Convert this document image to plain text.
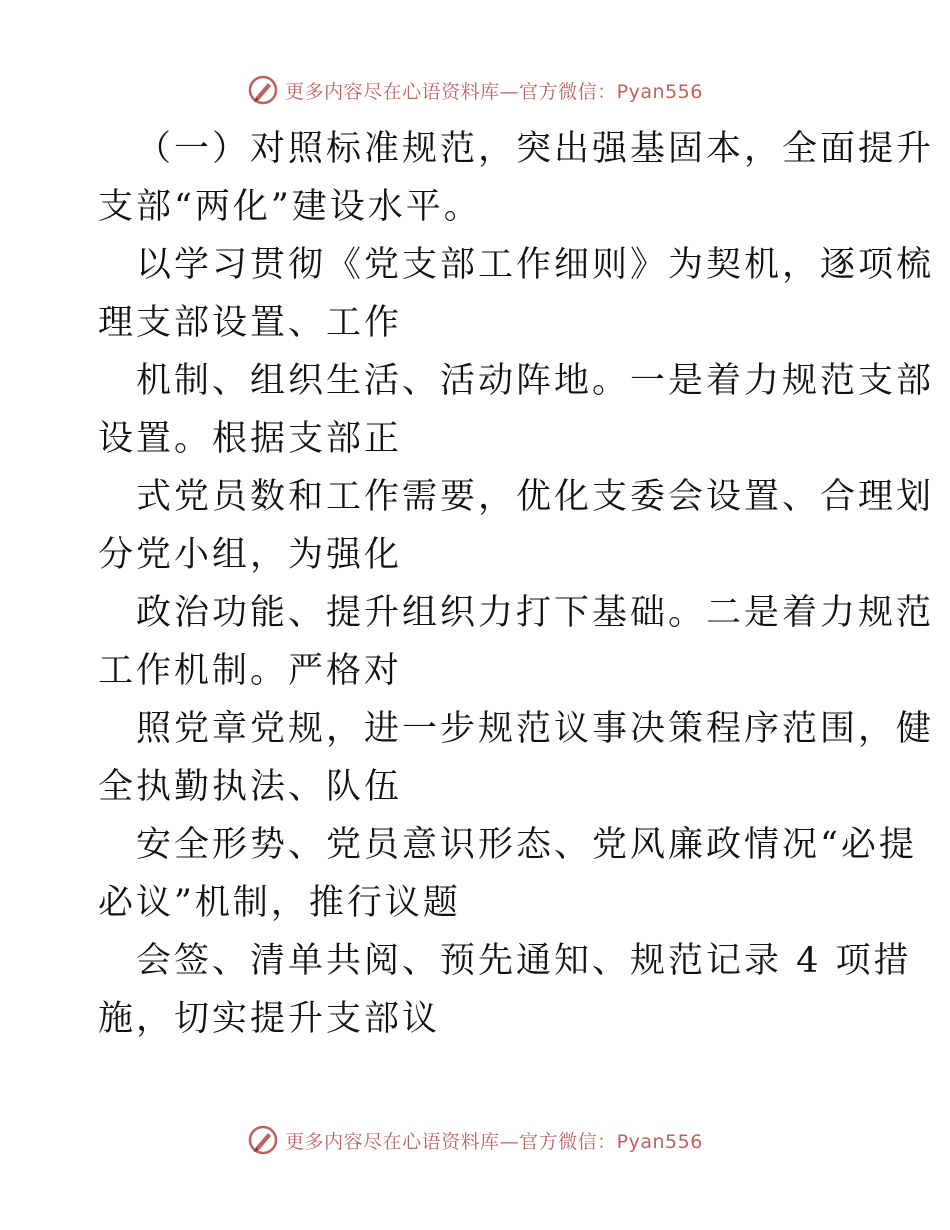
更多内容尽在心语资料库—官方微信：Pyan556
（一）对照标准规范，突出强基固本，全面提升
支部“两化”建设水平。
以学习贯彻《党支部工作细则》为契机，逐项梳
理支部设置、工作
机制、组织生活、活动阵地。一是着力规范支部
设置。根据支部正
式党员数和工作需要，优化支委会设置、合理划
分党小组，为强化
政治功能、提升组织力打下基础。二是着力规范
工作机制。严格对
照党章党规，进一步规范议事决策程序范围，健
全执勤执法、队伍
安全形势、党员意识形态、党风廉政情况“必提
必议”机制，推行议题
会签、清单共阅、预先通知、规范记录 4 项措
施，切实提升支部议
更多内容尽在心语资料库—官方微信：Pyan556
